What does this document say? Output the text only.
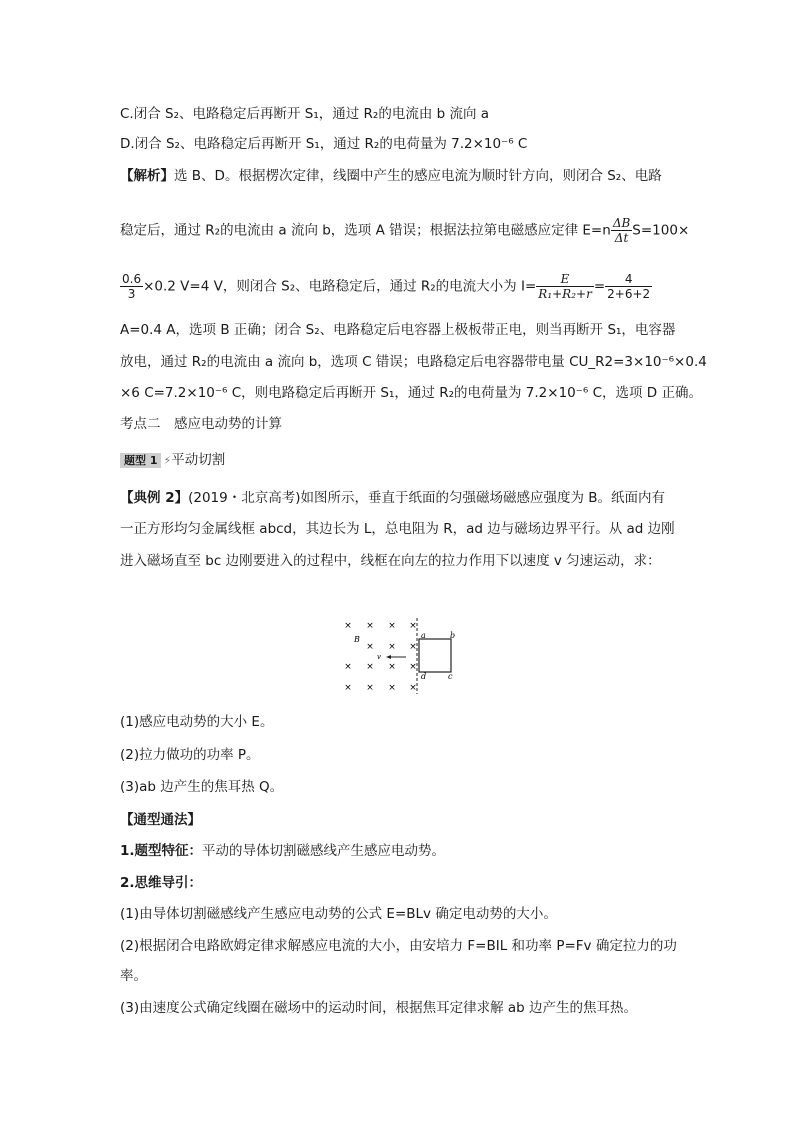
C.闭合 S₂、电路稳定后再断开 S₁，通过 R₂的电流由 b 流向 a
D.闭合 S₂、电路稳定后再断开 S₁，通过 R₂的电荷量为 7.2×10⁻⁶ C
【解析】选 B、D。根据楞次定律，线圈中产生的感应电流为顺时针方向，则闭合 S₂、电路
稳定后，通过 R₂的电流由 a 流向 b，选项 A 错误；根据法拉第电磁感应定律 $E=n \frac{\Delta B}{\Delta t} S=100\times$
$\frac{0.6}{3} \times 0.2$ V=4 V，则闭合 S₂、电路稳定后，通过 R₂的电流大小为 $I= \frac{E}{\text{R₁+R₂+r}} = \frac{4}{2+6+2}$
A=0.4 A，选项 B 正确；闭合 S₂、电路稳定后电容器上极板带正电，则当再断开 S₁，电容器
放电，通过 R₂的电流由 a 流向 b，选项 C 错误；电路稳定后电容器带电量 CU_R2=3×10⁻⁶×0.4
×6 C=7.2×10⁻⁶ C，则电路稳定后再断开 S₁，通过 R₂的电荷量为 7.2×10⁻⁶ C，选项 D 正确。
考点二　感应电动势的计算
题型 1 ⚡平动切割
【典例 2】(2019・北京高考)如图所示，垂直于纸面的匀强磁场磁感应强度为 B。纸面内有
一正方形均匀金属线框 abcd，其边长为 L，总电阻为 R，ad 边与磁场边界平行。从 ad 边刚
进入磁场直至 bc 边刚要进入的过程中，线框在向左的拉力作用下以速度 v 匀速运动，求：
× × × ×
× × ×
× × × ×
× × × ×
B
v
a	b
c
d
(1)感应电动势的大小 E。
(2)拉力做功的功率 P。
(3)ab 边产生的焦耳热 Q。
【通型通法】
1.题型特征：平动的导体切割磁感线产生感应电动势。
2.思维导引：
(1)由导体切割磁感线产生感应电动势的公式 E=BLv 确定电动势的大小。
(2)根据闭合电路欧姆定律求解感应电流的大小，由安培力 F=BIL 和功率 P=Fv 确定拉力的功
率。
(3)由速度公式确定线圈在磁场中的运动时间，根据焦耳定律求解 ab 边产生的焦耳热。
